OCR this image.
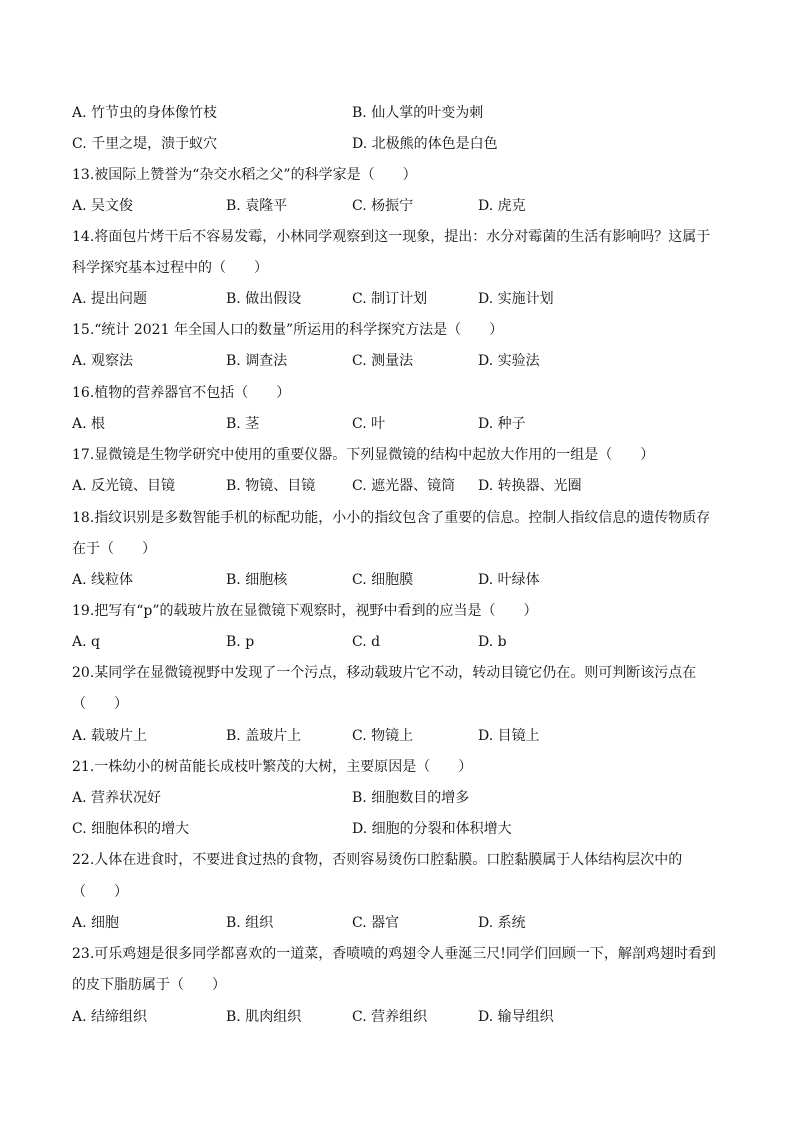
A. 竹节虫的身体像竹枝	B. 仙人掌的叶变为刺
C. 千里之堤，溃于蚁穴	D. 北极熊的体色是白色
13.被国际上赞誉为“杂交水稻之父”的科学家是（　　）
A. 吴文俊	B. 袁隆平	C. 杨振宁	D. 虎克
14.将面包片烤干后不容易发霉，小林同学观察到这一现象，提出：水分对霉菌的生活有影响吗？这属于
科学探究基本过程中的（　　）
A. 提出问题	B. 做出假设	C. 制订计划	D. 实施计划
15.“统计 2021 年全国人口的数量”所运用的科学探究方法是（　　）
A. 观察法	B. 调查法	C. 测量法	D. 实验法
16.植物的营养器官不包括（　　）
A. 根	B. 茎	C. 叶	D. 种子
17.显微镜是生物学研究中使用的重要仪器。下列显微镜的结构中起放大作用的一组是（　　）
A. 反光镜、目镜	B. 物镜、目镜	C. 遮光器、镜筒 D. 转换器、光圈
18.指纹识别是多数智能手机的标配功能，小小的指纹包含了重要的信息。控制人指纹信息的遗传物质存
在于（　　）
A. 线粒体	B. 细胞核	C. 细胞膜	D. 叶绿体
19.把写有“p”的载玻片放在显微镜下观察时，视野中看到的应当是（　　）
A. q	B. p	C. d	D. b
20.某同学在显微镜视野中发现了一个污点，移动载玻片它不动，转动目镜它仍在。则可判断该污点在
（　　）
A. 载玻片上	B. 盖玻片上	C. 物镜上	D. 目镜上
21.一株幼小的树苗能长成枝叶繁茂的大树，主要原因是（　　）
A. 营养状况好	B. 细胞数目的增多
C. 细胞体积的增大	D. 细胞的分裂和体积增大
22.人体在进食时，不要进食过热的食物，否则容易烫伤口腔黏膜。口腔黏膜属于人体结构层次中的
（　　）
A. 细胞	B. 组织	C. 器官	D. 系统
23.可乐鸡翅是很多同学都喜欢的一道菜，香喷喷的鸡翅令人垂涎三尺!同学们回顾一下，解剖鸡翅时看到
的皮下脂肪属于（　　）
A. 结缔组织	B. 肌肉组织	C. 营养组织	D. 输导组织
